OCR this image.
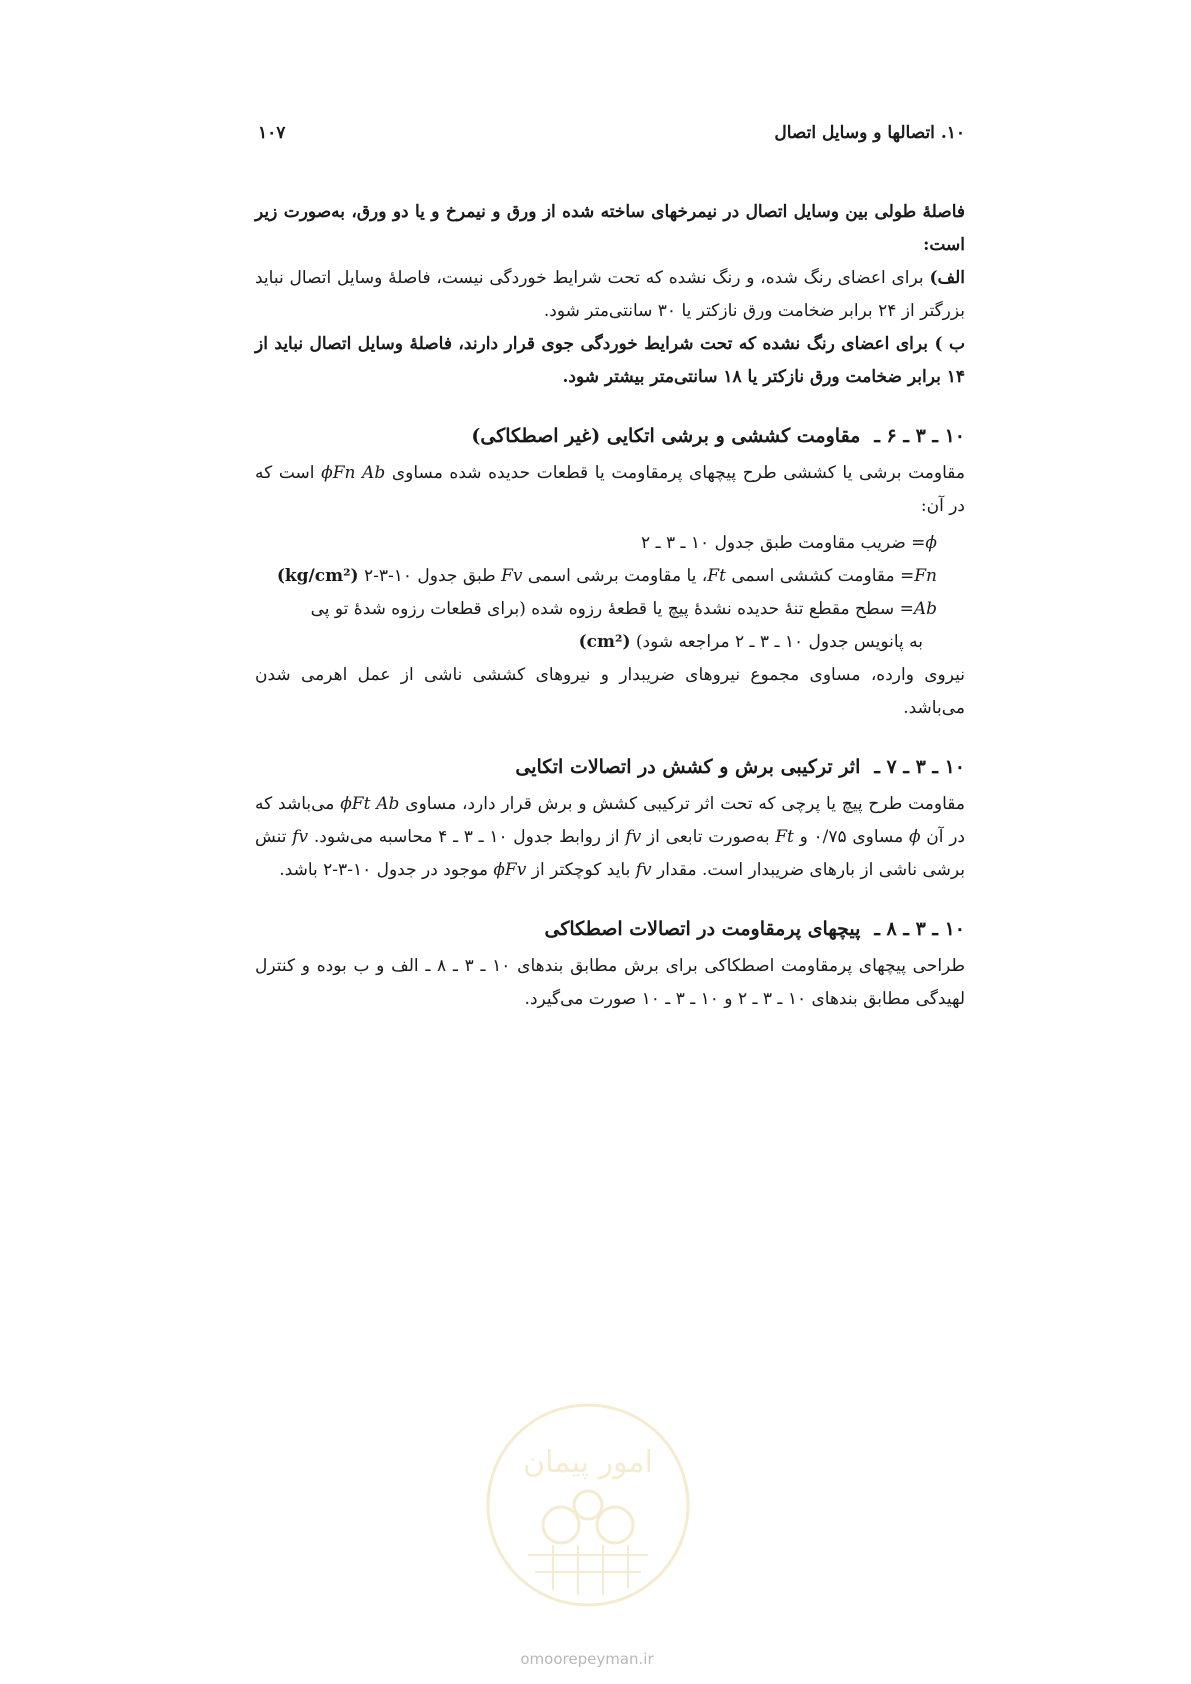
۱۰. اتصالها و وسایل اتصال
۱۰۷

فاصلهٔ طولی بین وسایل اتصال در نیمرخهای ساخته شده از ورق و نیمرخ و یا دو ورق، به‌صورت زیر است:

الف) برای اعضای رنگ شده، و رنگ نشده که تحت شرایط خوردگی نیست، فاصلهٔ وسایل اتصال نباید بزرگتر از ۲۴ برابر ضخامت ورق نازکتر یا ۳۰ سانتی‌متر شود.

ب ) برای اعضای رنگ نشده که تحت شرایط خوردگی جوی قرار دارند، فاصلهٔ وسایل اتصال نباید از ۱۴ برابر ضخامت ورق نازکتر یا ۱۸ سانتی‌متر بیشتر شود.

۱۰ ـ ۳ ـ ۶ ـ
مقاومت کششی و برشی اتکایی (غیر اصطکاکی)

مقاومت برشی یا کششی طرح پیچهای پرمقاومت یا قطعات حدیده شده مساوی ϕFn Ab است که در آن:

ϕ= ضریب مقاومت طبق جدول ۱۰ ـ ۳ ـ ۲

Fn= مقاومت کششی اسمی Ft، یا مقاومت برشی اسمی Fv طبق جدول ۱۰-۳-۲ (kg/cm²)

Ab= سطح مقطع تنهٔ حدیده نشدهٔ پیچ یا قطعهٔ رزوه شده (برای قطعات رزوه شدهٔ تو پی

به پانویس جدول ۱۰ ـ ۳ ـ ۲ مراجعه شود) (cm²)

نیروی وارده، مساوی مجموع نیروهای ضریبدار و نیروهای کششی ناشی از عمل اهرمی شدن می‌باشد.

۱۰ ـ ۳ ـ ۷ ـ
اثر ترکیبی برش و کشش در اتصالات اتکایی

مقاومت طرح پیچ یا پرچی که تحت اثر ترکیبی کشش و برش قرار دارد، مساوی ϕFt Ab می‌باشد که در آن ϕ مساوی ۰/۷۵ و Ft به‌صورت تابعی از fv از روابط جدول ۱۰ ـ ۳ ـ ۴ محاسبه می‌شود. fv تنش برشی ناشی از بارهای ضریبدار است. مقدار fv باید کوچکتر از ϕFv موجود در جدول ۱۰-۳-۲ باشد.

۱۰ ـ ۳ ـ ۸ ـ
پیچهای پرمقاومت در اتصالات اصطکاکی

طراحی پیچهای پرمقاومت اصطکاکی برای برش مطابق بندهای ۱۰ ـ ۳ ـ ۸ ـ الف و ب بوده و کنترل لهیدگی مطابق بندهای ۱۰ ـ ۳ ـ ۲ و ۱۰ ـ ۳ ـ ۱۰ صورت می‌گیرد.

امور پیمان
omoorepeyman.ir
